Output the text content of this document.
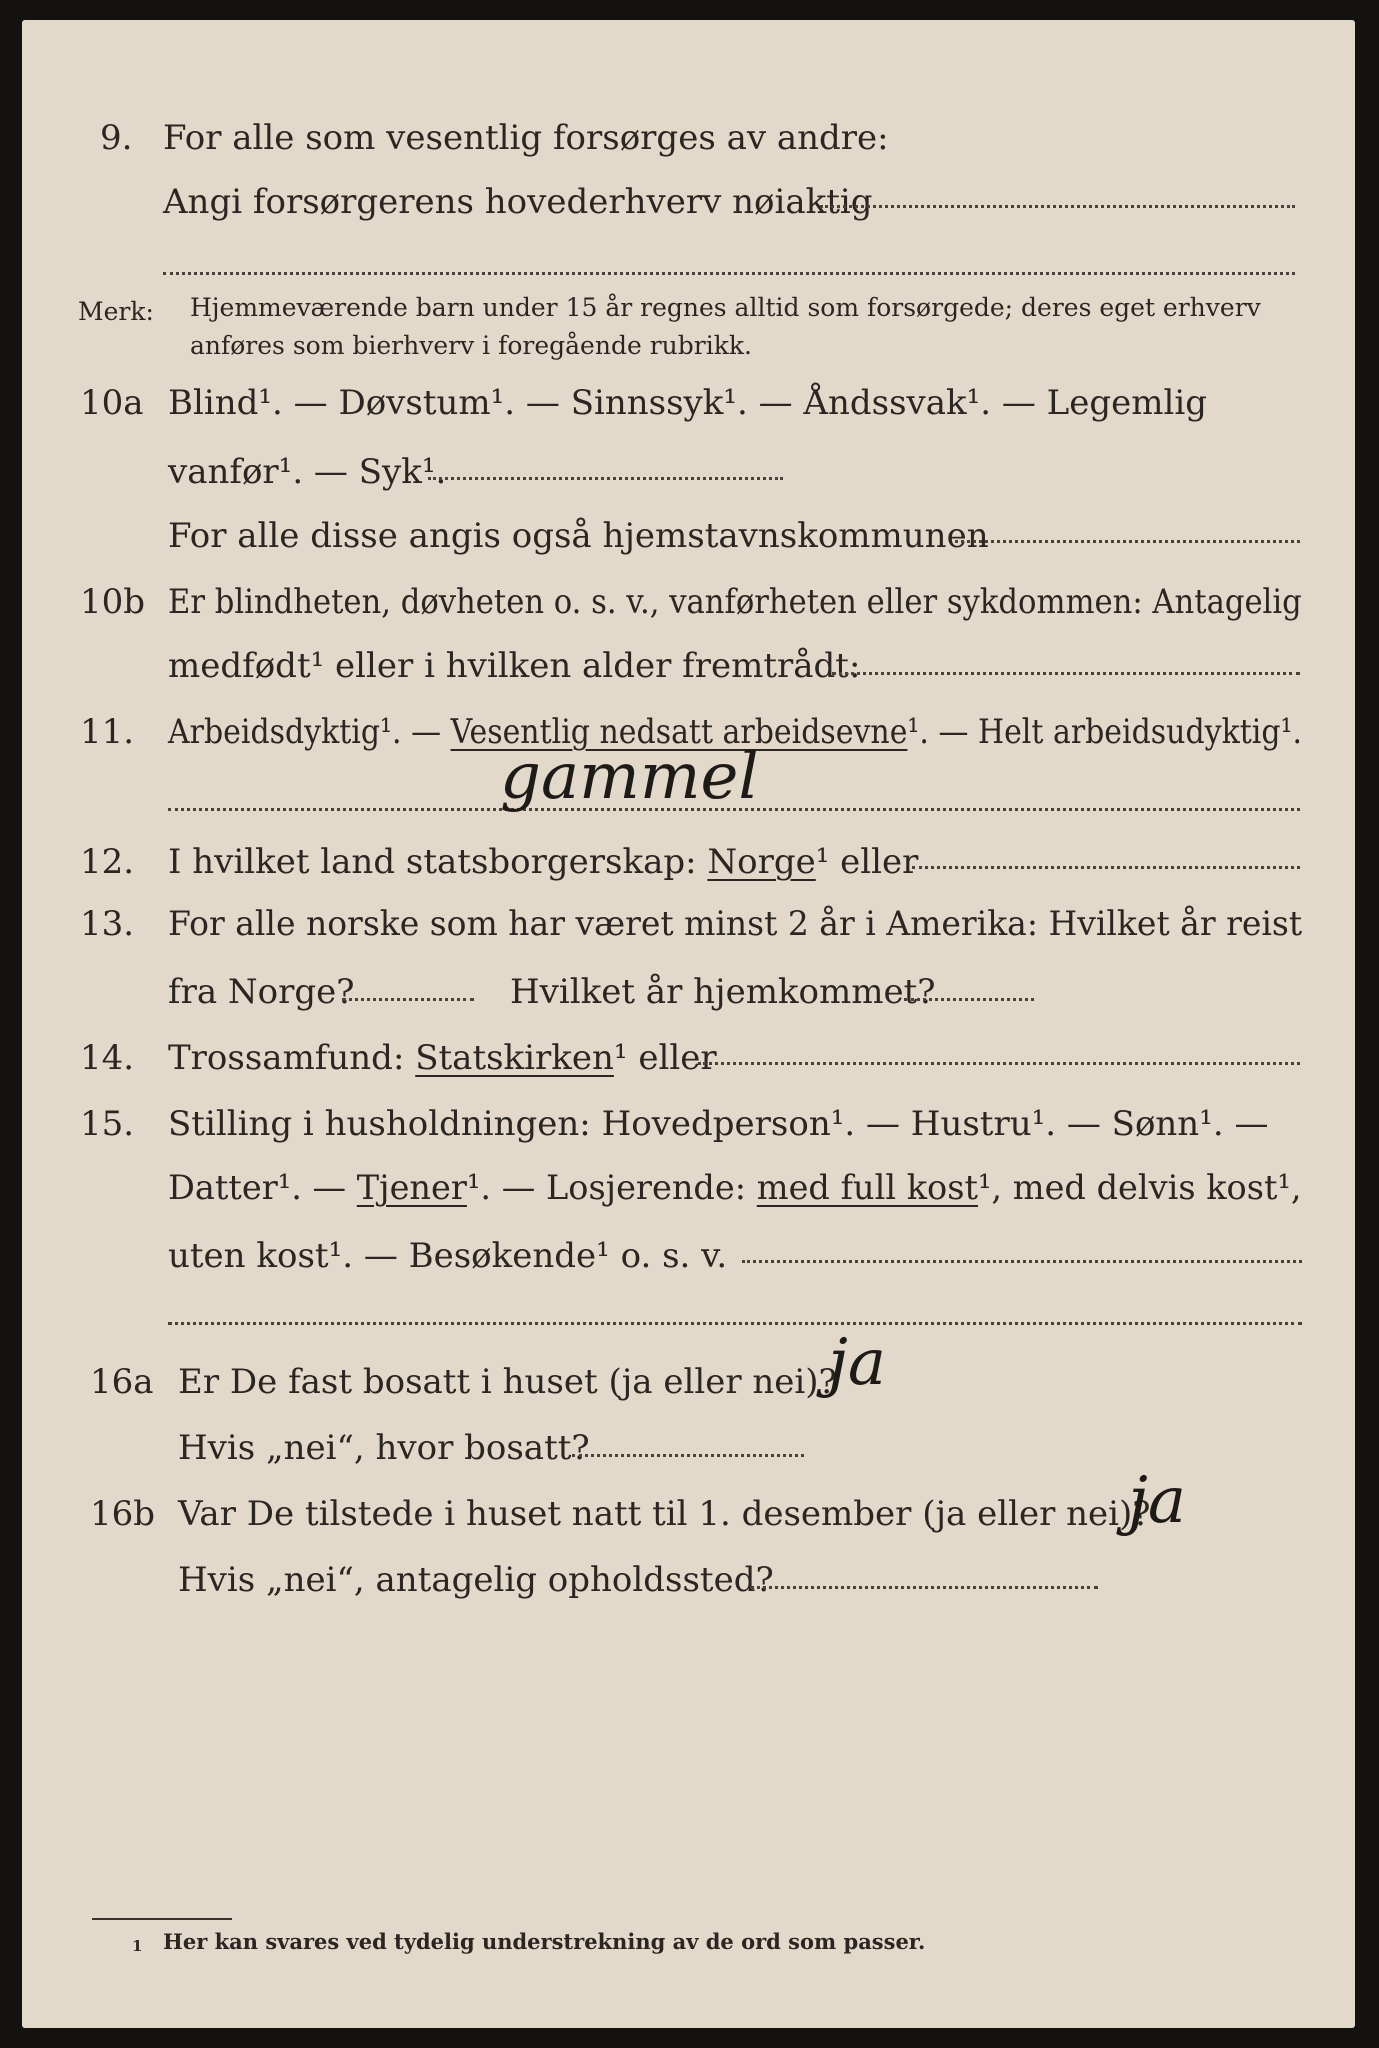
9. For alle som vesentlig forsørges av andre:
Angi forsørgerens hovederhverv nøiaktig
Merk: Hjemmeværende barn under 15 år regnes alltid som forsørgede; deres eget erhverv
anføres som bierhverv i foregående rubrikk.
10a Blind¹. — Døvstum¹. — Sinnssyk¹. — Åndssvak¹. — Legemlig
vanfør¹. — Syk¹.
For alle disse angis også hjemstavnskommunen
10b Er blindheten, døvheten o. s. v., vanførheten eller sykdommen: Antagelig
medfødt¹ eller i hvilken alder fremtrådt:
11. Arbeidsdyktig¹. — Vesentlig nedsatt arbeidsevne¹. — Helt arbeidsudyktig¹.
gammel
12. I hvilket land statsborgerskap: Norge¹ eller
13. For alle norske som har været minst 2 år i Amerika: Hvilket år reist
fra Norge?	Hvilket år hjemkommet?
14. Trossamfund: Statskirken¹ eller
15. Stilling i husholdningen: Hovedperson¹. — Hustru¹. — Sønn¹. —
Datter¹. — Tjener¹. — Losjerende: med full kost¹, med delvis kost¹,
uten kost¹. — Besøkende¹ o. s. v.
16a Er De fast bosatt i huset (ja eller nei)?
ja
Hvis „nei“, hvor bosatt?
16b Var De tilstede i huset natt til 1. desember (ja eller nei)?
ja
Hvis „nei“, antagelig opholdssted?
1 Her kan svares ved tydelig understrekning av de ord som passer.
